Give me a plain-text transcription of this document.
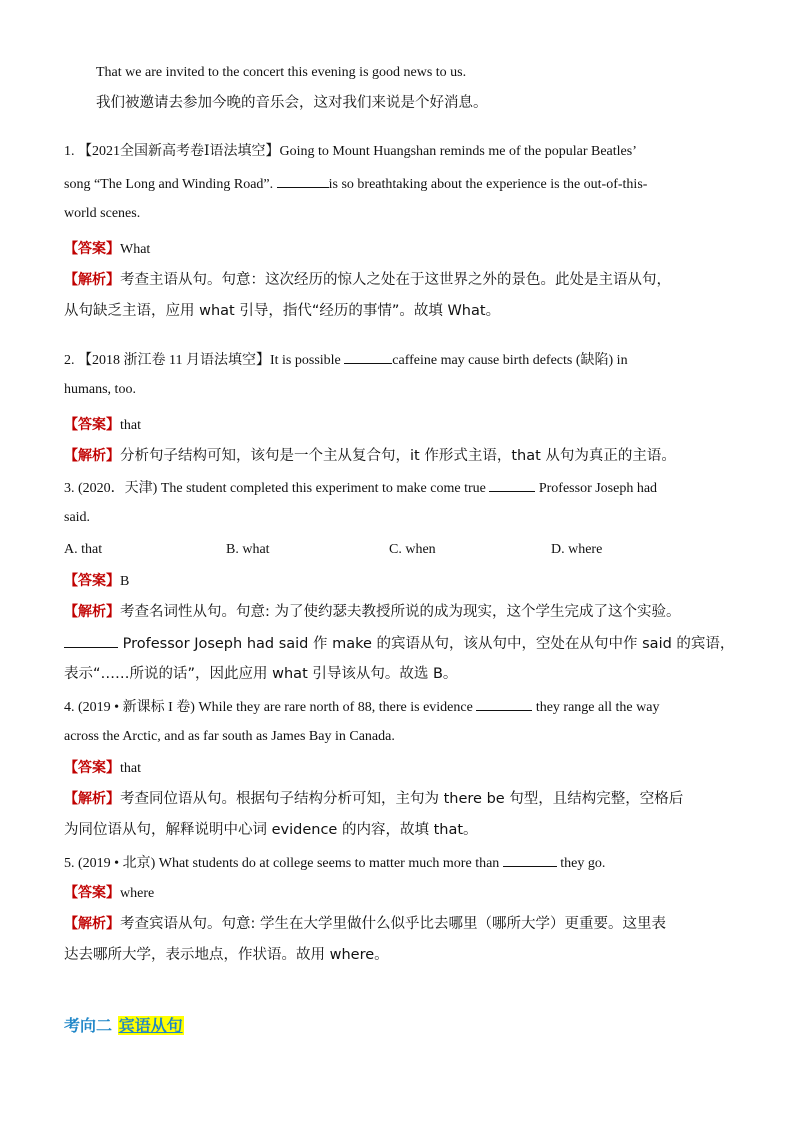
That we are invited to the concert this evening is good news to us.
我们被邀请去参加今晚的音乐会，这对我们来说是个好消息。
1. 【2021全国新高考卷Ⅰ语法填空】Going to Mount Huangshan reminds me of the popular Beatles’
song “The Long and Winding Road”.	is so breathtaking about the experience is the out-of-this-
world scenes.
【答案】What
【解析】考查主语从句。句意：这次经历的惊人之处在于这世界之外的景色。此处是主语从句，
从句缺乏主语，应用 what 引导，指代“经历的事情”。故填 What。
2. 【2018 浙江卷 11 月语法填空】It is possible	caffeine may cause birth defects (缺陷) in
humans, too.
【答案】that
【解析】分析句子结构可知，该句是一个主从复合句，it 作形式主语，that 从句为真正的主语。
3. (2020．天津) The student completed this experiment to make come true	Professor Joseph had
said.
A. that	B. what	C. when	D. where
【答案】B
【解析】考查名词性从句。句意: 为了使约瑟夫教授所说的成为现实，这个学生完成了这个实验。
Professor Joseph had said 作 make 的宾语从句，该从句中，空处在从句中作 said 的宾语，
表示“……所说的话”，因此应用 what 引导该从句。故选 B。
4. (2019 • 新课标 I 卷) While they are rare north of 88, there is evidence	they range all the way
across the Arctic, and as far south as James Bay in Canada.
【答案】that
【解析】考查同位语从句。根据句子结构分析可知，主句为 there be 句型，且结构完整，空格后
为同位语从句，解释说明中心词 evidence 的内容，故填 that。
5. (2019 • 北京) What students do at college seems to matter much more than	they go.
【答案】where
【解析】考查宾语从句。句意: 学生在大学里做什么似乎比去哪里（哪所大学）更重要。这里表
达去哪所大学，表示地点，作状语。故用 where。
考向二 宾语从句
